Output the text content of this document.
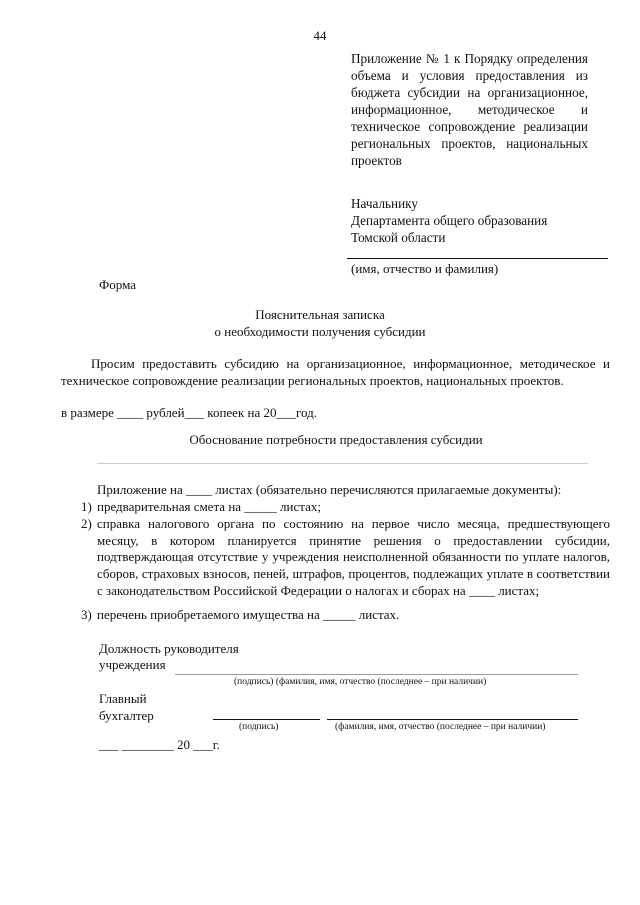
44
Приложение № 1 к Порядку определения объема и условия предоставления из бюджета субсидии на организационное, информационное, методическое и техническое сопровождение реализации региональных проектов, национальных проектов
Начальнику
Департамента общего образования
Томской области
(имя, отчество и фамилия)
Форма
Пояснительная записка
о необходимости получения субсидии
Просим предоставить субсидию на организационное, информационное, методическое и техническое сопровождение реализации региональных проектов, национальных проектов.
в размере ____ рублей___ копеек на 20___год.
Обоснование потребности предоставления субсидии
Приложение на ____ листах (обязательно перечисляются прилагаемые документы):
1) предварительная смета на _____ листах;
2) справка налогового органа по состоянию на первое число месяца, предшествующего месяцу, в котором планируется принятие решения о предоставлении субсидии, подтверждающая отсутствие у учреждения неисполненной обязанности по уплате налогов, сборов, страховых взносов, пеней, штрафов, процентов, подлежащих уплате в соответствии с законодательством Российской Федерации о налогах и сборах на ____ листах;
3) перечень приобретаемого имущества на _____ листах.
Должность руководителя
учреждения
(подпись) (фамилия, имя, отчество (последнее – при наличии)
Главный
бухгалтер
(подпись)	(фамилия, имя, отчество (последнее – при наличии)
___ ________ 20 ___г.
